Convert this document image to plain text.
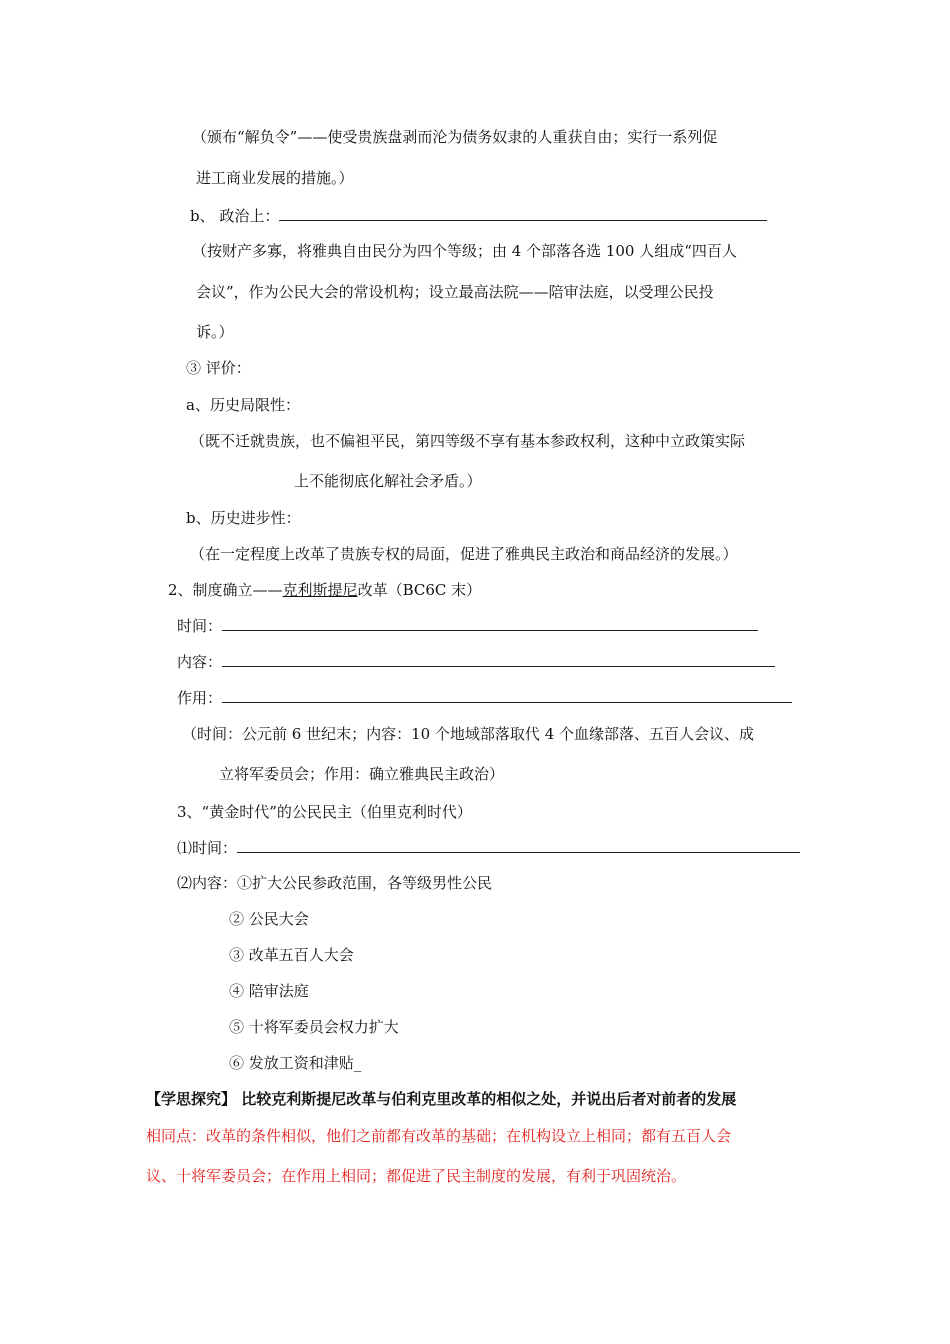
（颁布“解负令”——使受贵族盘剥而沦为债务奴隶的人重获自由；实行一系列促
进工商业发展的措施。）
b、 政治上：
（按财产多寡，将雅典自由民分为四个等级；由 4 个部落各选 100 人组成“四百人
会议”，作为公民大会的常设机构；设立最高法院——陪审法庭，以受理公民投
诉。）
③ 评价：
a、历史局限性：
（既不迁就贵族，也不偏袒平民，第四等级不享有基本参政权利，这种中立政策实际
上不能彻底化解社会矛盾。）
b、历史进步性：
（在一定程度上改革了贵族专权的局面，促进了雅典民主政治和商品经济的发展。）
2、制度确立——克利斯提尼改革（BC6C 末）
时间：
内容：
作用：
（时间：公元前 6 世纪末；内容：10 个地域部落取代 4 个血缘部落、五百人会议、成
立将军委员会；作用：确立雅典民主政治）
3、“黄金时代”的公民民主（伯里克利时代）
⑴时间：
⑵内容：①扩大公民参政范围，各等级男性公民
② 公民大会
③ 改革五百人大会
④ 陪审法庭
⑤ 十将军委员会权力扩大
⑥ 发放工资和津贴_
【学思探究】 比较克利斯提尼改革与伯利克里改革的相似之处，并说出后者对前者的发展
相同点：改革的条件相似，他们之前都有改革的基础；在机构设立上相同；都有五百人会
议、十将军委员会；在作用上相同；都促进了民主制度的发展，有利于巩固统治。
